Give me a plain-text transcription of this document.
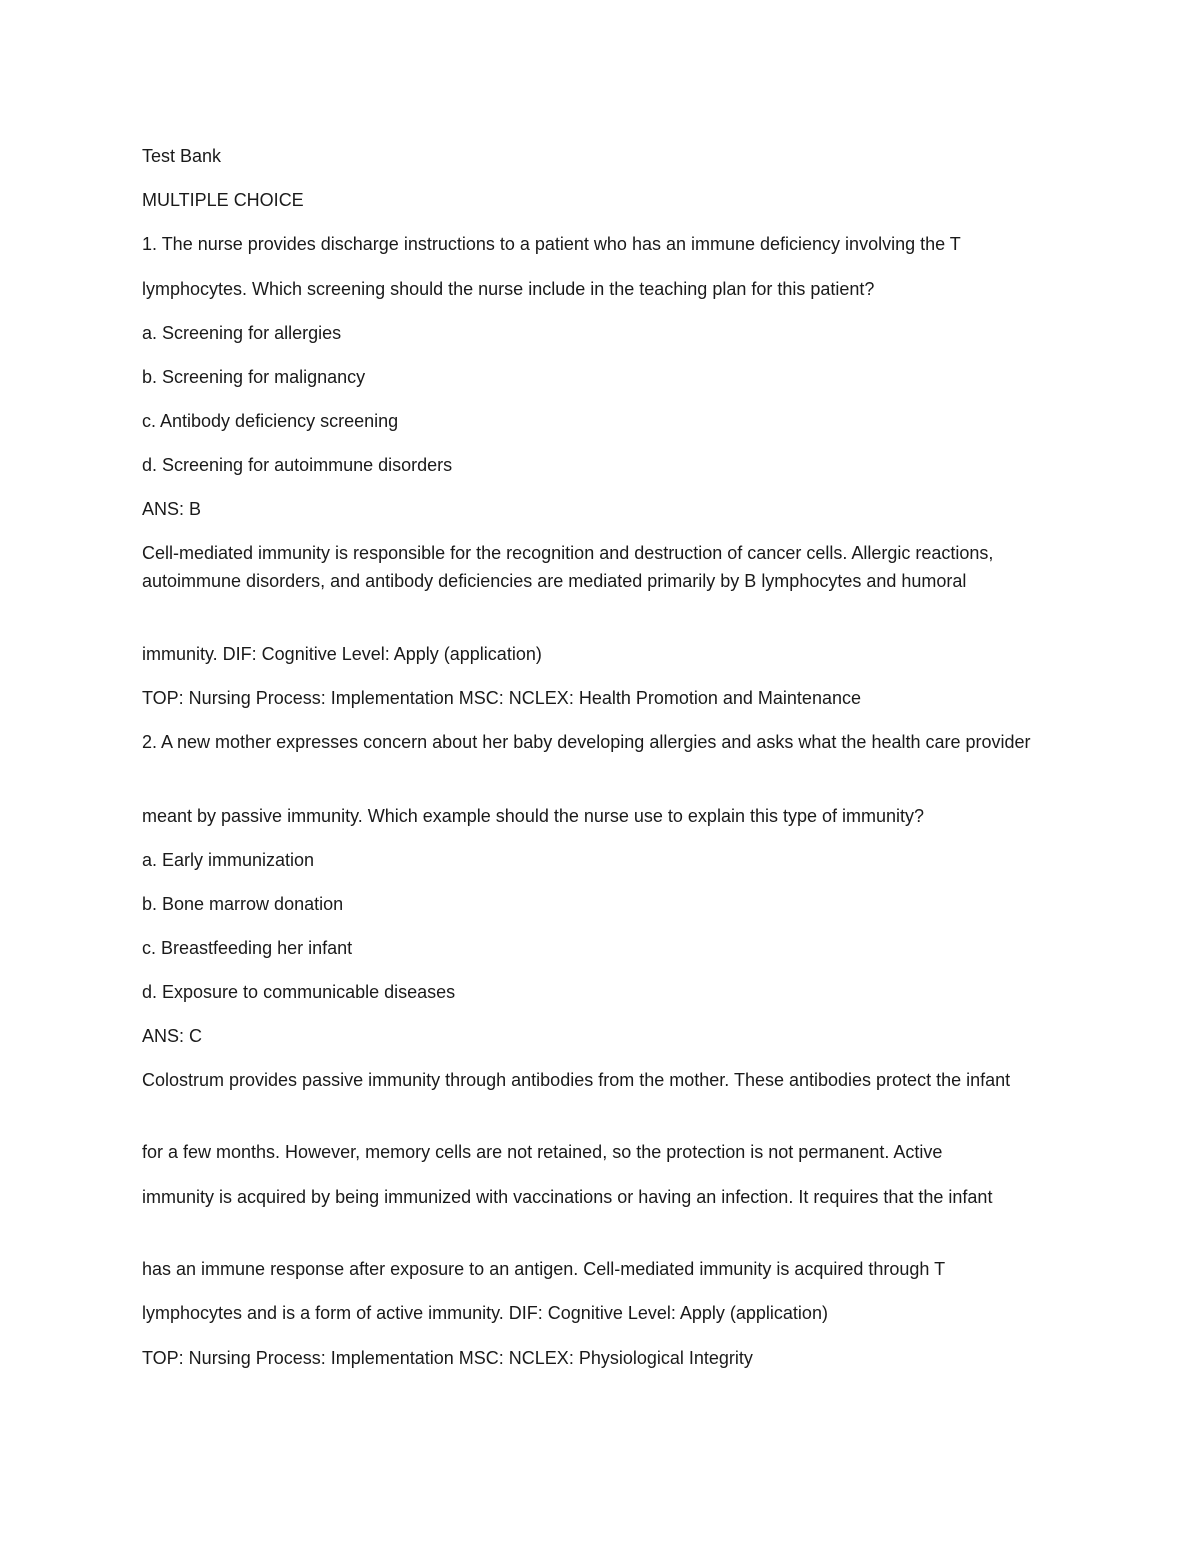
Test Bank
MULTIPLE CHOICE
1. The nurse provides discharge instructions to a patient who has an immune deficiency involving the T
lymphocytes. Which screening should the nurse include in the teaching plan for this patient?
a. Screening for allergies
b. Screening for malignancy
c. Antibody deficiency screening
d. Screening for autoimmune disorders
ANS: B
Cell-mediated immunity is responsible for the recognition and destruction of cancer cells. Allergic reactions, autoimmune disorders, and antibody deficiencies are mediated primarily by B lymphocytes and humoral
immunity. DIF: Cognitive Level: Apply (application)
TOP: Nursing Process: Implementation MSC: NCLEX: Health Promotion and Maintenance
2. A new mother expresses concern about her baby developing allergies and asks what the health care provider
meant by passive immunity. Which example should the nurse use to explain this type of immunity?
a. Early immunization
b. Bone marrow donation
c. Breastfeeding her infant
d. Exposure to communicable diseases
ANS: C
Colostrum provides passive immunity through antibodies from the mother. These antibodies protect the infant
for a few months. However, memory cells are not retained, so the protection is not permanent. Active
immunity is acquired by being immunized with vaccinations or having an infection. It requires that the infant
has an immune response after exposure to an antigen. Cell-mediated immunity is acquired through T
lymphocytes and is a form of active immunity. DIF: Cognitive Level: Apply (application)
TOP: Nursing Process: Implementation MSC: NCLEX: Physiological Integrity
